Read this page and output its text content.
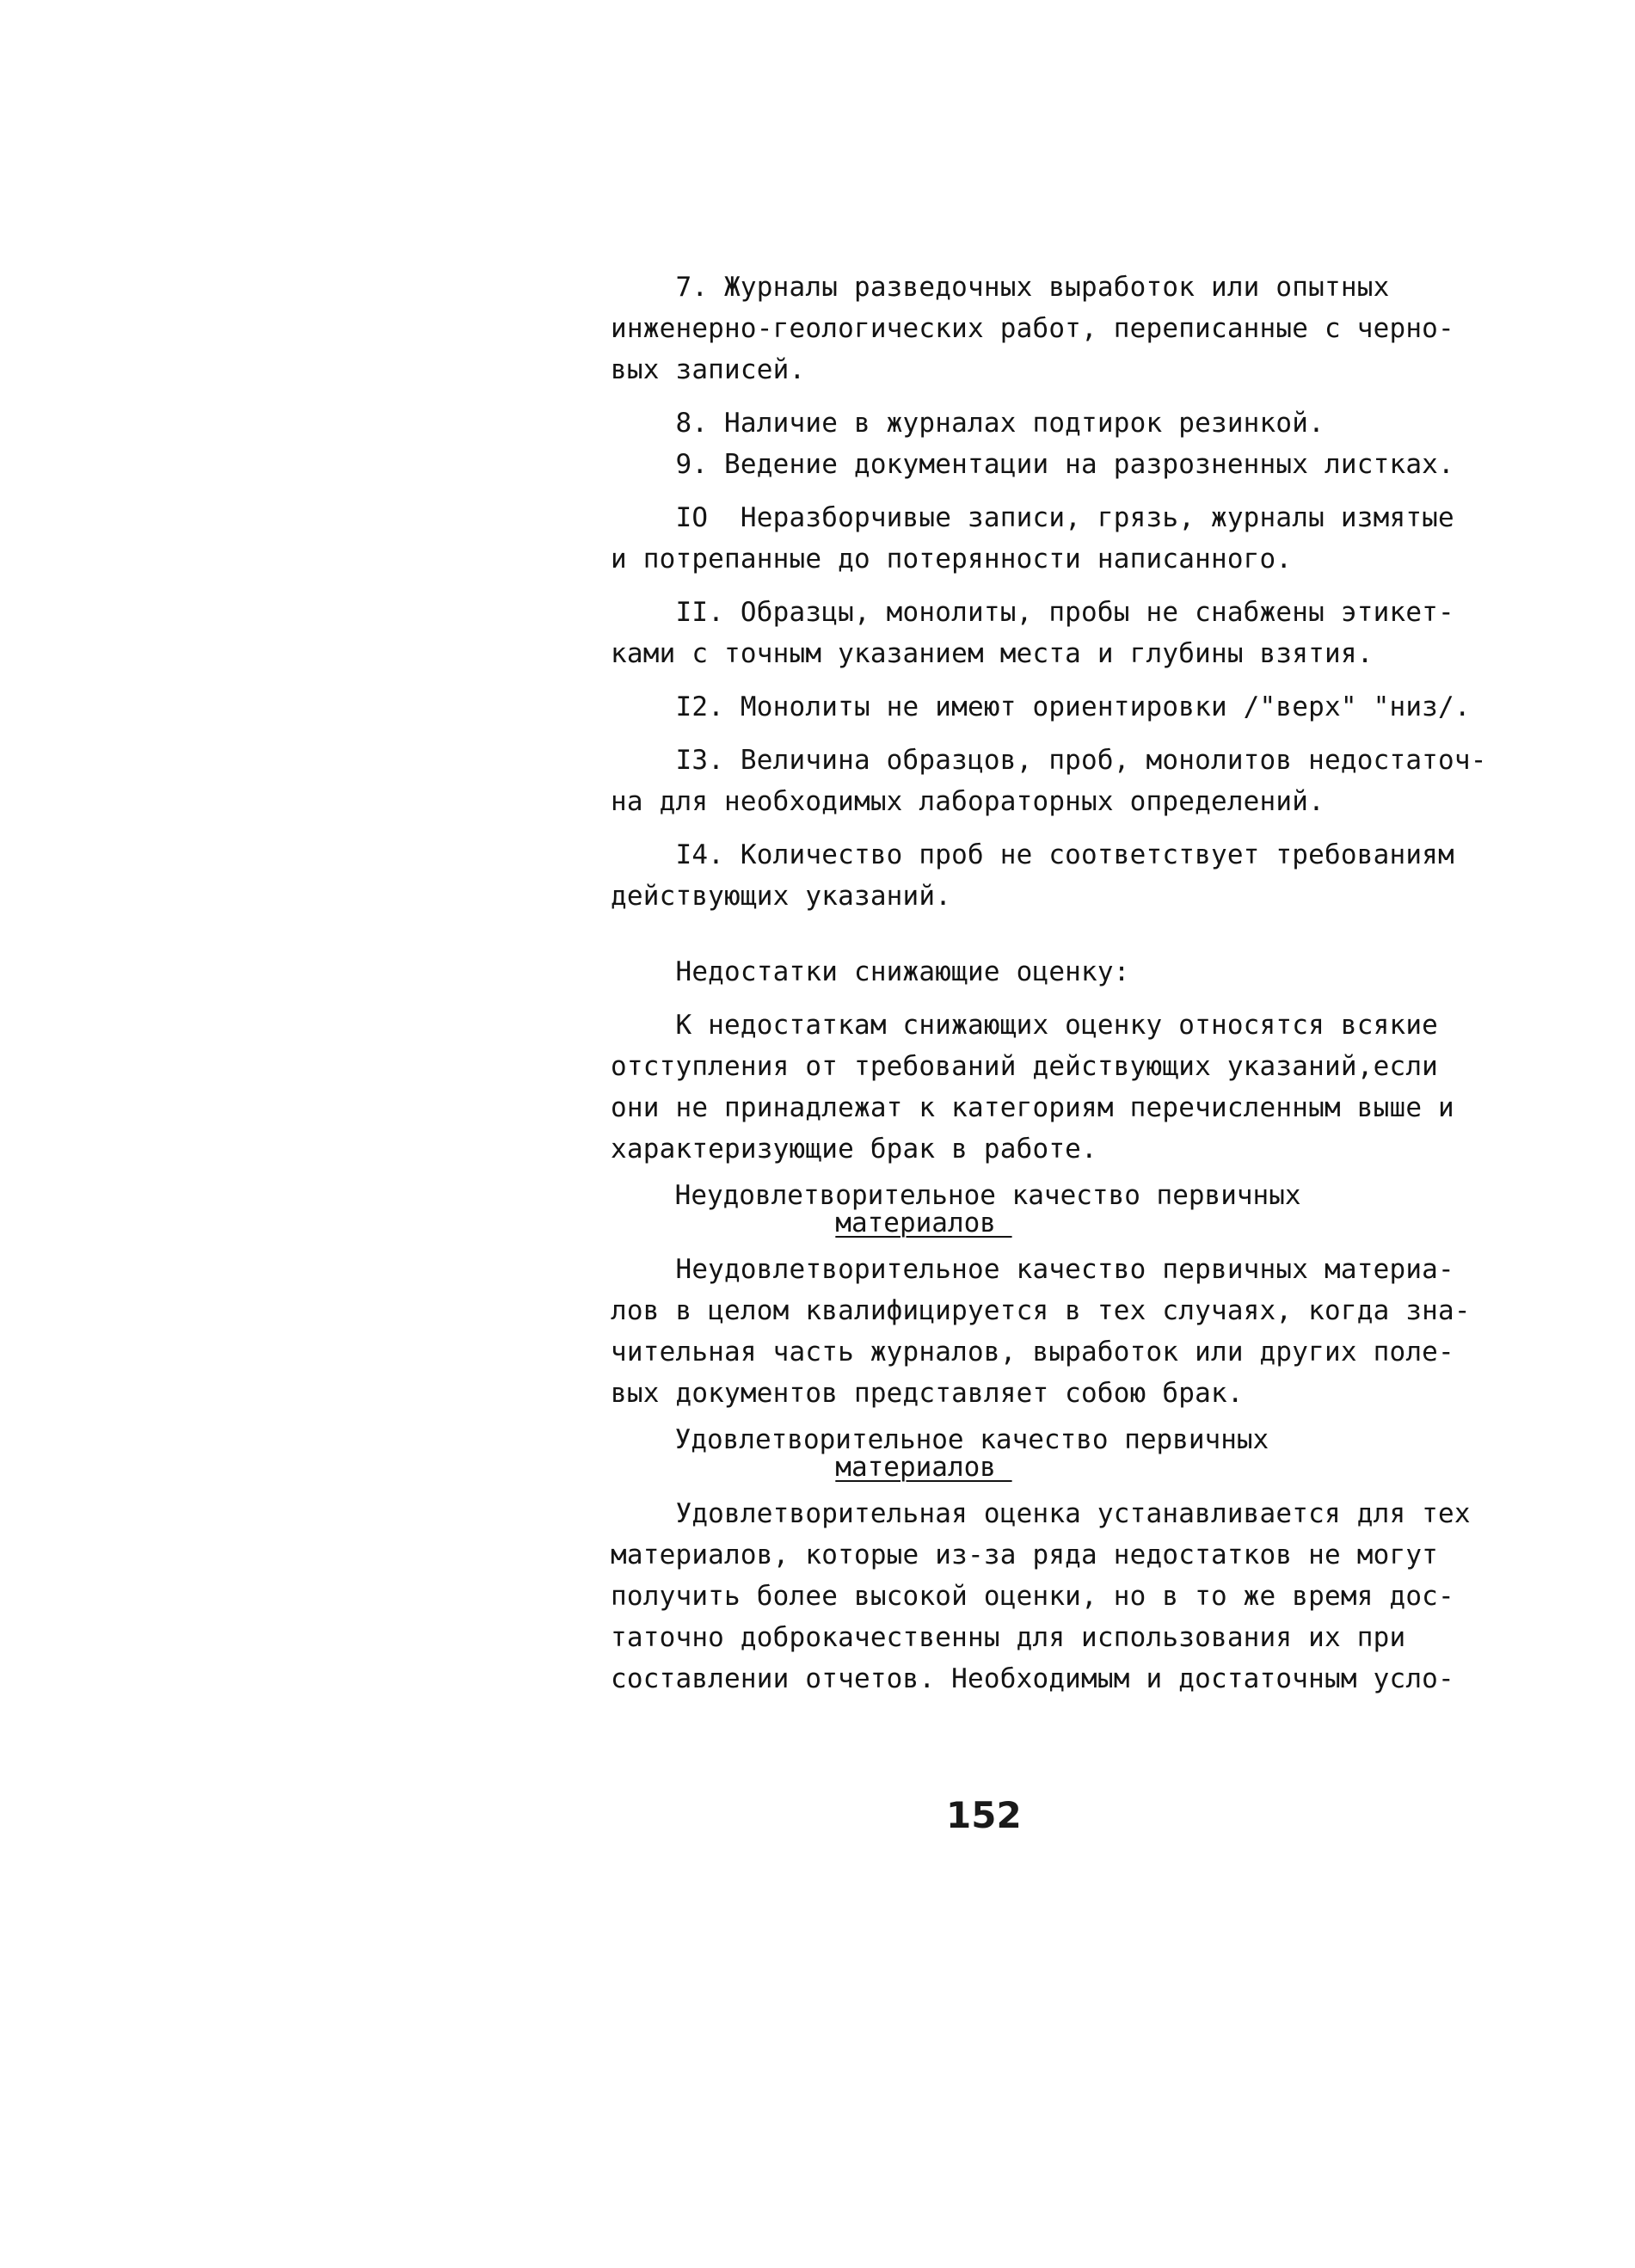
7. Журналы разведочных выработок или опытных

инженерно-геологических работ, переписанные с черно-

вых записей.

8. Наличие в журналах подтирок резинкой.

9. Ведение документации на разрозненных листках.

IO  Неразборчивые записи, грязь, журналы измятые

и потрепанные до потерянности написанного.

II. Образцы, монолиты, пробы не снабжены этикет-

ками с точным указанием места и глубины взятия.

I2. Монолиты не имеют ориентировки /"верх" "низ/.

I3. Величина образцов, проб, монолитов недостаточ-

на для необходимых лабораторных определений.

I4. Количество проб не соответствует требованиям

действующих указаний.

Недостатки снижающие оценку:

К недостаткам снижающих оценку относятся всякие

отступления от требований действующих указаний,если

они не принадлежат к категориям перечисленным выше и

характеризующие брак в работе.

Неудовлетворительное качество первичных

материалов

Неудовлетворительное качество первичных материа-

лов в целом квалифицируется в тех случаях, когда зна-

чительная часть журналов, выработок или других поле-

вых документов представляет собою брак.

Удовлетворительное качество первичных

материалов

Удовлетворительная оценка устанавливается для тех

материалов, которые из-за ряда недостатков не могут

получить более высокой оценки, но в то же время дос-

таточно доброкачественны для использования их при

составлении отчетов. Необходимым и достаточным усло-

152
